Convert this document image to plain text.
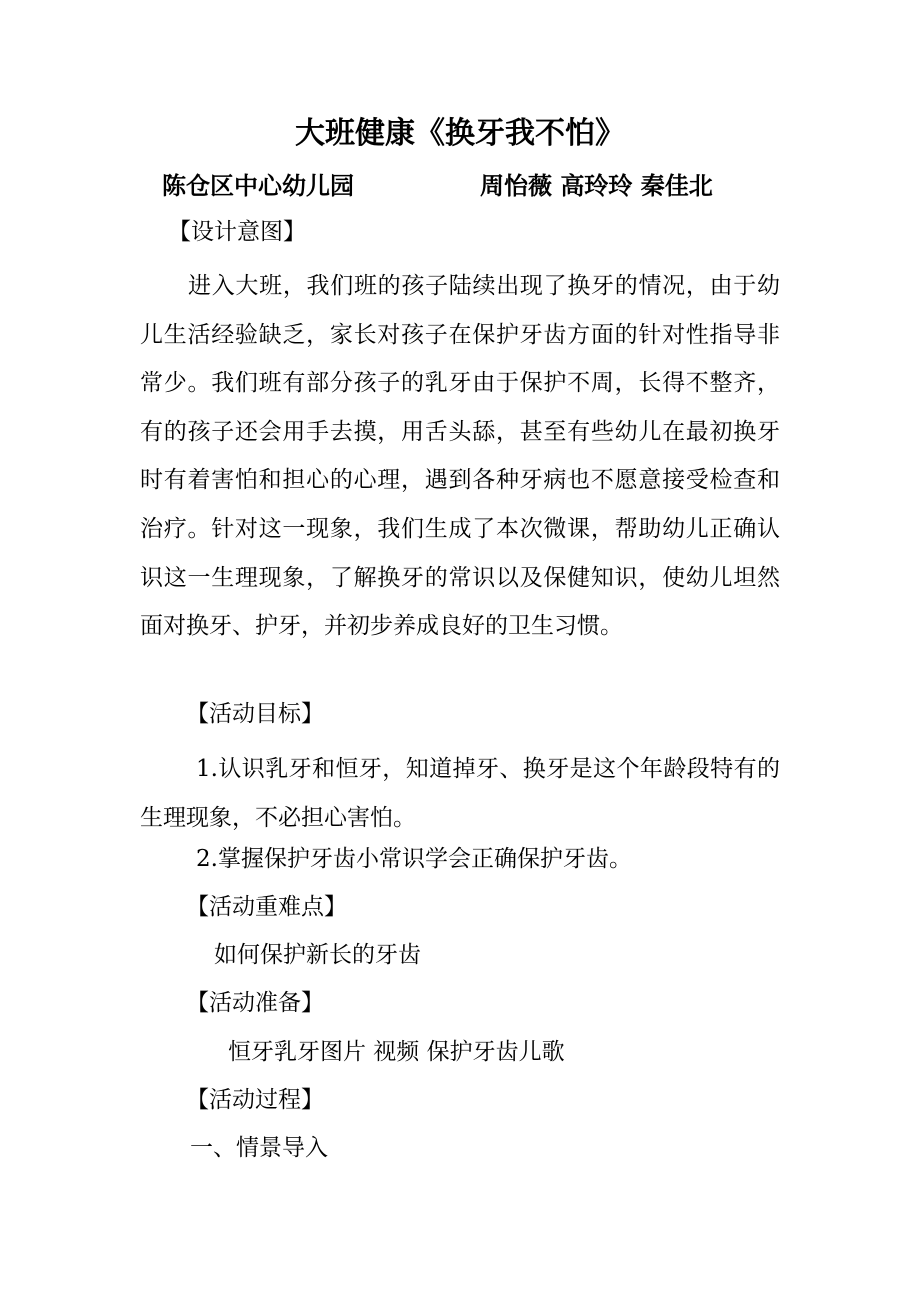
大班健康《换牙我不怕》
陈仓区中心幼儿园	周怡薇 高玲玲 秦佳北
【设计意图】

进入大班，我们班的孩子陆续出现了换牙的情况，由于幼儿生活经验缺乏，家长对孩子在保护牙齿方面的针对性指导非常少。我们班有部分孩子的乳牙由于保护不周，长得不整齐，有的孩子还会用手去摸，用舌头舔，甚至有些幼儿在最初换牙时有着害怕和担心的心理，遇到各种牙病也不愿意接受检查和治疗。针对这一现象，我们生成了本次微课，帮助幼儿正确认识这一生理现象，了解换牙的常识以及保健知识，使幼儿坦然面对换牙、护牙，并初步养成良好的卫生习惯。

【活动目标】

1.认识乳牙和恒牙，知道掉牙、换牙是这个年龄段特有的生理现象，不必担心害怕。

2.掌握保护牙齿小常识学会正确保护牙齿。
【活动重难点】
如何保护新长的牙齿
【活动准备】
恒牙乳牙图片 视频 保护牙齿儿歌
【活动过程】
一、情景导入
